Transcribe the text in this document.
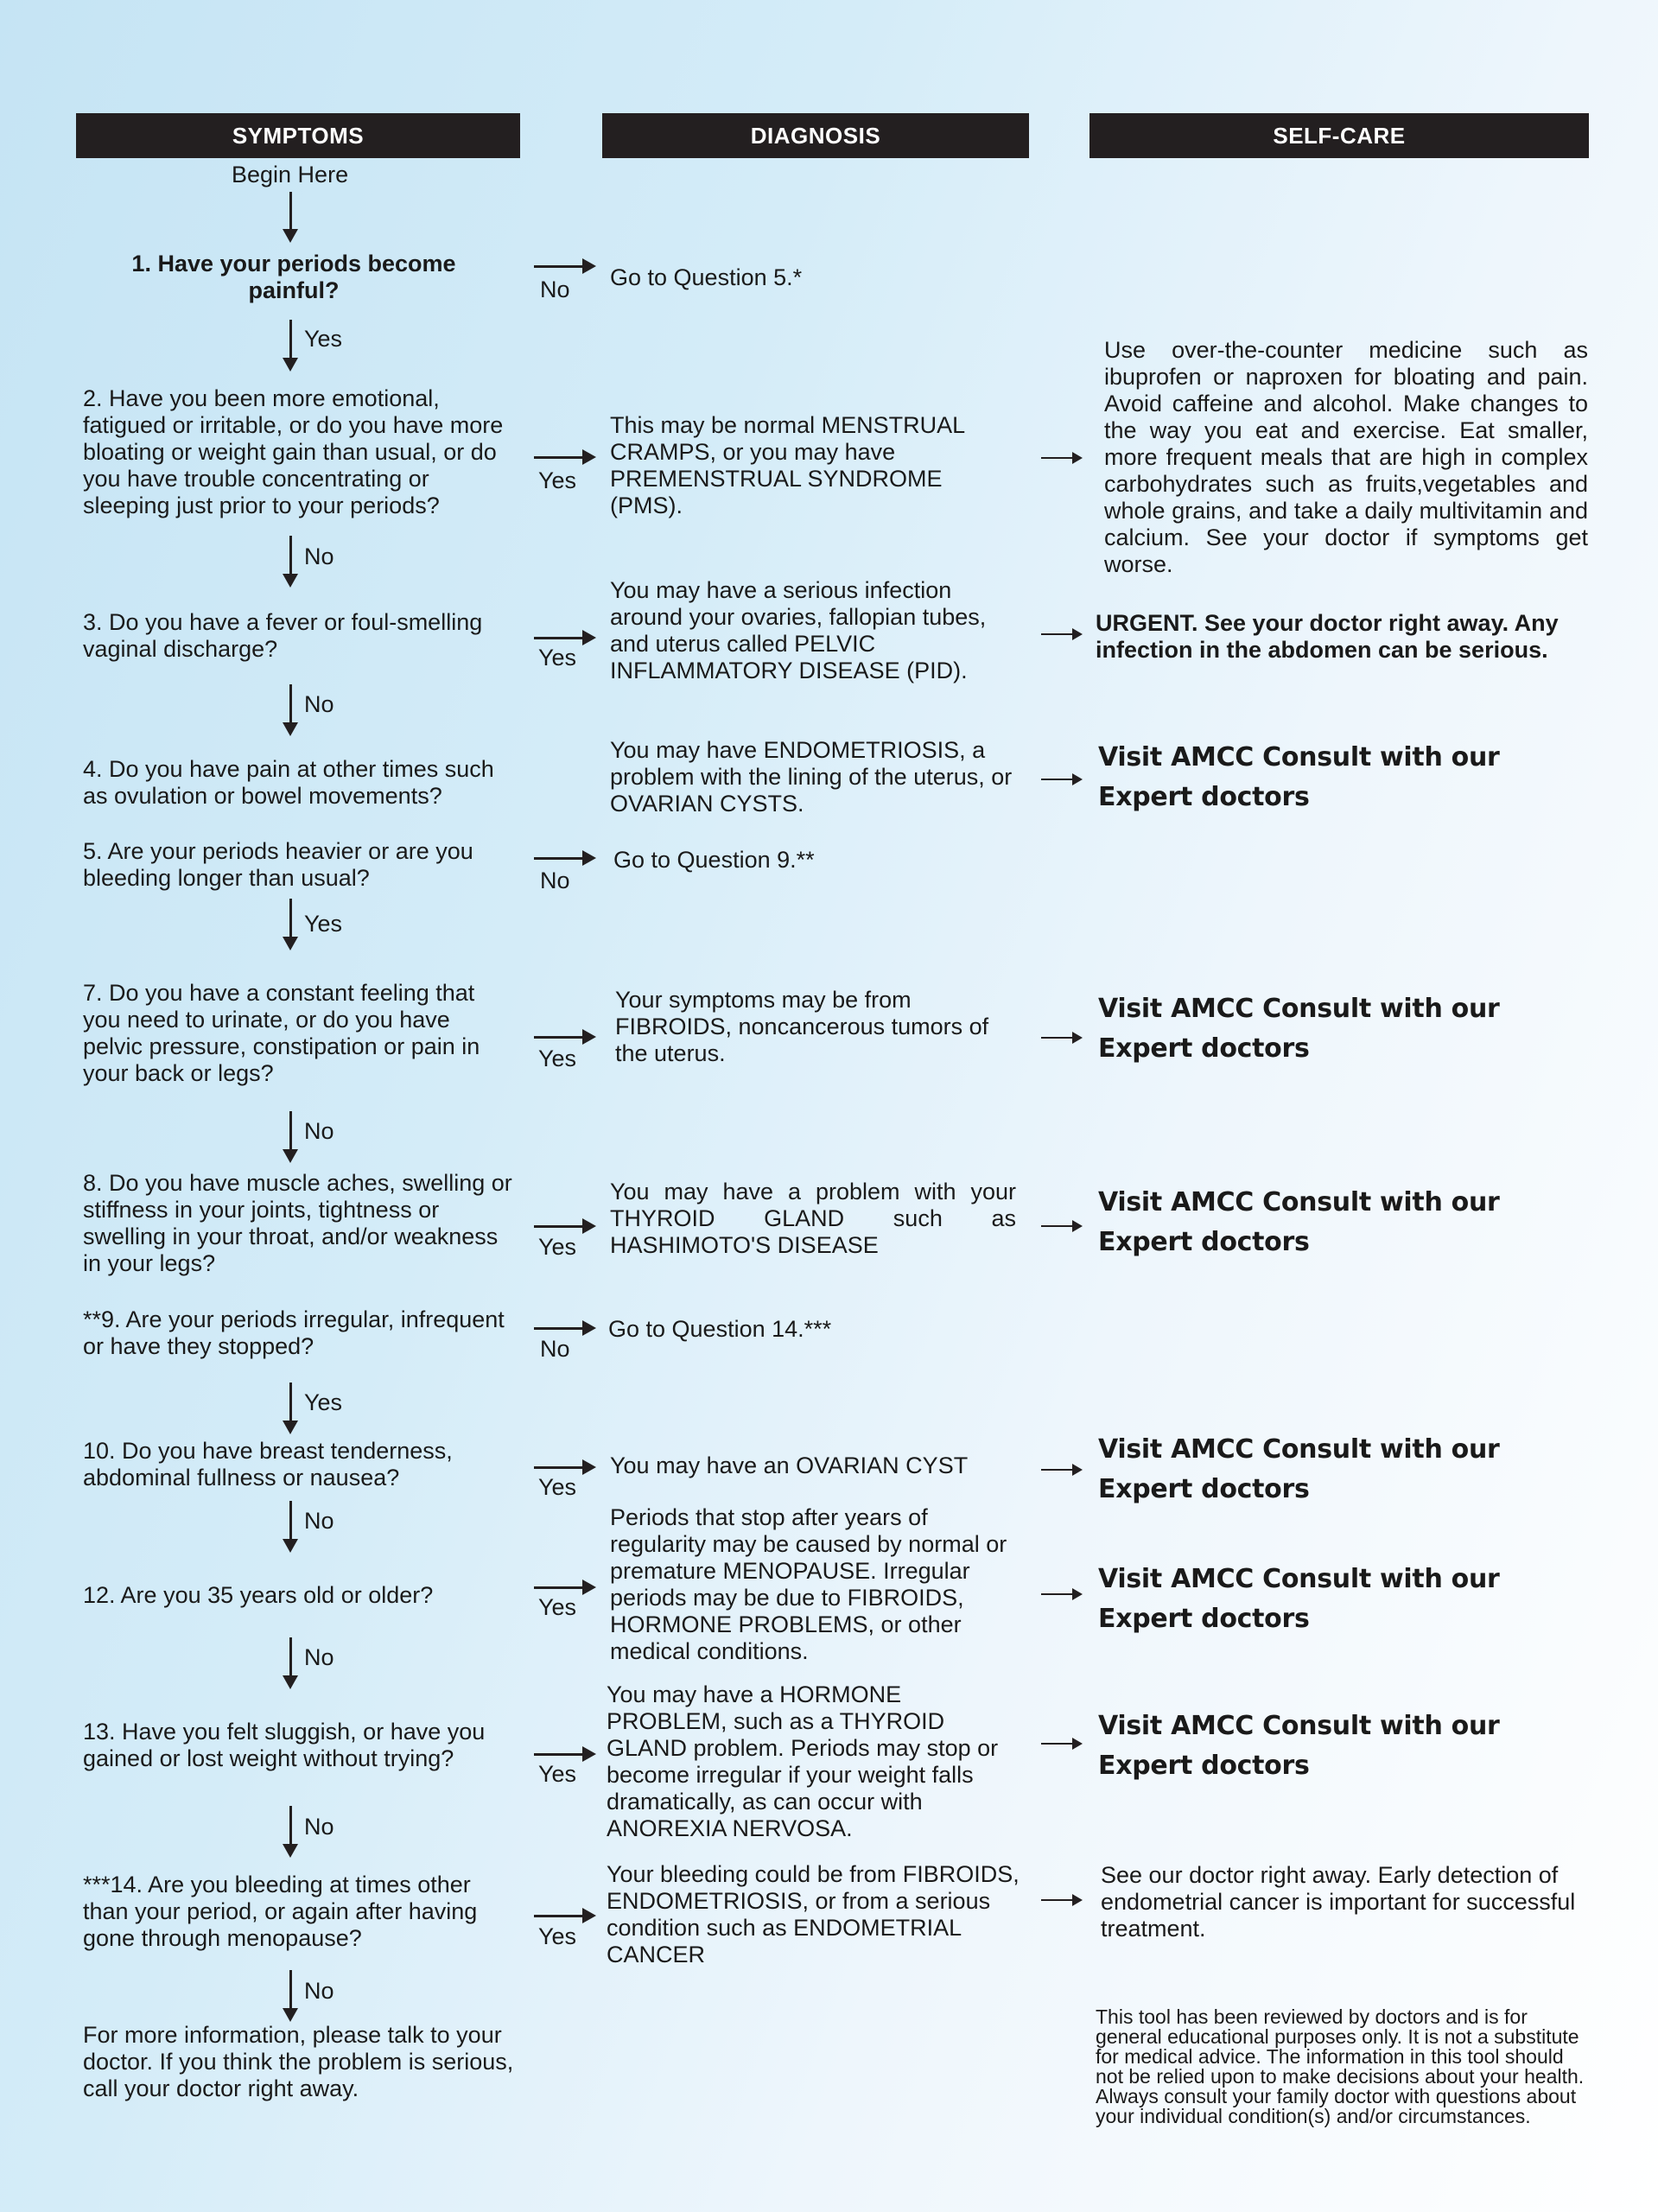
SYMPTOMS	DIAGNOSIS	SELF-CARE
Begin Here
1. Have your periods become painful?	No Go to Question 5.*
Yes
2. Have you been more emotional, fatigued or irritable, or do you have more bloating or weight gain than usual, or do you have trouble concentrating or sleeping just prior to your periods?
Yes
This may be normal MENSTRUAL CRAMPS, or you may have PREMENSTRUAL SYNDROME (PMS).
Use over-the-counter medicine such as ibuprofen or naproxen for bloating and pain. Avoid caffeine and alcohol. Make changes to the way you eat and exercise. Eat smaller, more frequent meals that are high in complex carbohydrates such as fruits,vegetables and whole grains, and take a daily multivitamin and calcium. See your doctor if symptoms get worse.
No
3. Do you have a fever or foul-smelling vaginal discharge?	Yes
You may have a serious infection around your ovaries, fallopian tubes, and uterus called PELVIC INFLAMMATORY DISEASE (PID).
URGENT. See your doctor right away. Any infection in the abdomen can be serious.
No
4. Do you have pain at other times such as ovulation or bowel movements?
You may have ENDOMETRIOSIS, a problem with the lining of the uterus, or OVARIAN CYSTS.
Visit AMCC Consult with our
Expert doctors
5. Are your periods heavier or are you bleeding longer than usual?	No
Go to Question 9.**
Yes
7. Do you have a constant feeling that you need to urinate, or do you have pelvic pressure, constipation or pain in your back or legs?
Yes
Your symptoms may be from FIBROIDS, noncancerous tumors of the uterus.
Visit AMCC Consult with our
Expert doctors
No
8. Do you have muscle aches, swelling or stiffness in your joints, tightness or swelling in your throat, and/or weakness in your legs?
Yes
You may have a problem with your THYROID GLAND such as HASHIMOTO'S DISEASE
Visit AMCC Consult with our
Expert doctors
**9. Are your periods irregular, infrequent or have they stopped?	No
Go to Question 14.***
Yes
10. Do you have breast tenderness, abdominal fullness or nausea?	Yes
You may have an OVARIAN CYST
Visit AMCC Consult with our
Expert doctors
No
12. Are you 35 years old or older?	Yes
Periods that stop after years of regularity may be caused by normal or premature MENOPAUSE. Irregular periods may be due to FIBROIDS, HORMONE PROBLEMS, or other medical conditions.
Visit AMCC Consult with our
Expert doctors
No
13. Have you felt sluggish, or have you gained or lost weight without trying?
Yes
You may have a HORMONE PROBLEM, such as a THYROID GLAND problem. Periods may stop or become irregular if your weight falls dramatically, as can occur with ANOREXIA NERVOSA.
Visit AMCC Consult with our
Expert doctors
No
***14. Are you bleeding at times other than your period, or again after having gone through menopause?	Yes
Your bleeding could be from FIBROIDS, ENDOMETRIOSIS, or from a serious condition such as ENDOMETRIAL CANCER
See our doctor right away. Early detection of endometrial cancer is important for successful treatment.
No
For more information, please talk to your doctor. If you think the problem is serious, call your doctor right away.
This tool has been reviewed by doctors and is for general educational purposes only. It is not a substitute for medical advice. The information in this tool should not be relied upon to make decisions about your health. Always consult your family doctor with questions about your individual condition(s) and/or circumstances.
